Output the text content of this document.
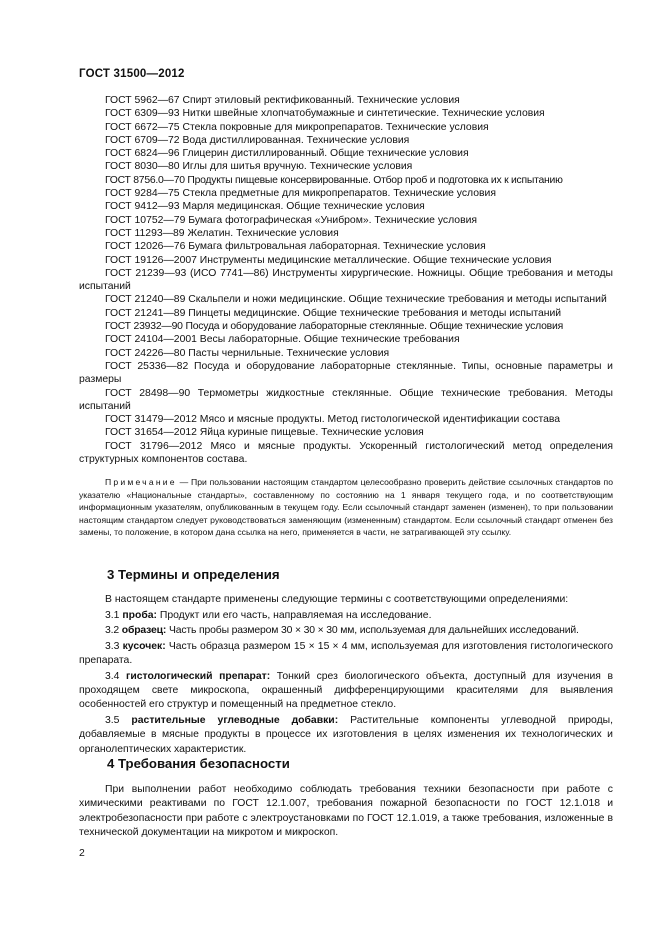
ГОСТ 31500—2012

ГОСТ 5962—67 Спирт этиловый ректификованный. Технические условия

ГОСТ 6309—93 Нитки швейные хлопчатобумажные и синтетические. Технические условия

ГОСТ 6672—75 Стекла покровные для микропрепаратов. Технические условия

ГОСТ 6709—72 Вода дистиллированная. Технические условия

ГОСТ 6824—96 Глицерин дистиллированный. Общие технические условия

ГОСТ 8030—80 Иглы для шитья вручную. Технические условия

ГОСТ 8756.0—70 Продукты пищевые консервированные. Отбор проб и подготовка их к испытанию

ГОСТ 9284—75 Стекла предметные для микропрепаратов. Технические условия

ГОСТ 9412—93 Марля медицинская. Общие технические условия

ГОСТ 10752—79 Бумага фотографическая «Унибром». Технические условия

ГОСТ 11293—89 Желатин. Технические условия

ГОСТ 12026—76 Бумага фильтровальная лабораторная. Технические условия

ГОСТ 19126—2007 Инструменты медицинские металлические. Общие технические условия

ГОСТ 21239—93 (ИСО 7741—86) Инструменты хирургические. Ножницы. Общие требования и методы испытаний

ГОСТ 21240—89 Скальпели и ножи медицинские. Общие технические требования и методы испытаний

ГОСТ 21241—89 Пинцеты медицинские. Общие технические требования и методы испытаний

ГОСТ 23932—90 Посуда и оборудование лабораторные стеклянные. Общие технические условия

ГОСТ 24104—2001 Весы лабораторные. Общие технические требования

ГОСТ 24226—80 Пасты чернильные. Технические условия

ГОСТ 25336—82 Посуда и оборудование лабораторные стеклянные. Типы, основные параметры и размеры

ГОСТ 28498—90 Термометры жидкостные стеклянные. Общие технические требования. Методы испытаний

ГОСТ 31479—2012 Мясо и мясные продукты. Метод гистологической идентификации состава

ГОСТ 31654—2012 Яйца куриные пищевые. Технические условия

ГОСТ 31796—2012 Мясо и мясные продукты. Ускоренный гистологический метод определения структурных компонентов состава.

Примечание — При пользовании настоящим стандартом целесообразно проверить действие ссылочных стандартов по указателю «Национальные стандарты», составленному по состоянию на 1 января текущего года, и по соответствующим информационным указателям, опубликованным в текущем году. Если ссылочный стандарт заменен (изменен), то при пользовании настоящим стандартом следует руководствоваться заменяющим (измененным) стандартом. Если ссылочный стандарт отменен без замены, то положение, в котором дана ссылка на него, применяется в части, не затрагивающей эту ссылку.
3 Термины и определения

В настоящем стандарте применены следующие термины с соответствующими определениями:

3.1 проба: Продукт или его часть, направляемая на исследование.

3.2 образец: Часть пробы размером 30 × 30 × 30 мм, используемая для дальнейших исследований.

3.3 кусочек: Часть образца размером 15 × 15 × 4 мм, используемая для изготовления гистологического препарата.

3.4 гистологический препарат: Тонкий срез биологического объекта, доступный для изучения в проходящем свете микроскопа, окрашенный дифференцирующими красителями для выявления особенностей его структур и помещенный на предметное стекло.

3.5 растительные углеводные добавки: Растительные компоненты углеводной природы, добавляемые в мясные продукты в процессе их изготовления в целях изменения их технологических и органолептических характеристик.

4 Требования безопасности

При выполнении работ необходимо соблюдать требования техники безопасности при работе с химическими реактивами по ГОСТ 12.1.007, требования пожарной безопасности по ГОСТ 12.1.018 и электробезопасности при работе с электроустановками по ГОСТ 12.1.019, а также требования, изложенные в технической документации на микротом и микроскоп.

2
